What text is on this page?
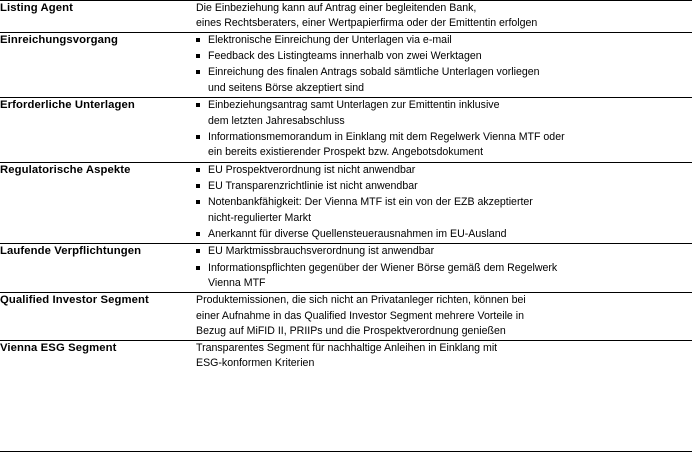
Listing Agent	Die Einbeziehung kann auf Antrag einer begleitenden Bank,
eines Rechtsberaters, einer Wertpapierfirma oder der Emittentin erfolgen

Einreichungsvorgang	Elektronische Einreichung der Unterlagen via e-mail
Feedback des Listingteams innerhalb von zwei Werktagen
Einreichung des finalen Antrags sobald sämtliche Unterlagen vorliegen
und seitens Börse akzeptiert sind

Erforderliche Unterlagen	Einbeziehungsantrag samt Unterlagen zur Emittentin inklusive
dem letzten Jahresabschluss
Informationsmemorandum in Einklang mit dem Regelwerk Vienna MTF oder
ein bereits existierender Prospekt bzw. Angebotsdokument

Regulatorische Aspekte	EU Prospektverordnung ist nicht anwendbar
EU Transparenzrichtlinie ist nicht anwendbar
Notenbankfähigkeit: Der Vienna MTF ist ein von der EZB akzeptierter
nicht-regulierter Markt
Anerkannt für diverse Quellensteuerausnahmen im EU-Ausland

Laufende Verpflichtungen	EU Marktmissbrauchsverordnung ist anwendbar
Informationspflichten gegenüber der Wiener Börse gemäß dem Regelwerk
Vienna MTF

Qualified Investor Segment	Produktemissionen, die sich nicht an Privatanleger richten, können bei
einer Aufnahme in das Qualified Investor Segment mehrere Vorteile in
Bezug auf MiFID II, PRIIPs und die Prospektverordnung genießen

Vienna ESG Segment	Transparentes Segment für nachhaltige Anleihen in Einklang mit
ESG-konformen Kriterien
